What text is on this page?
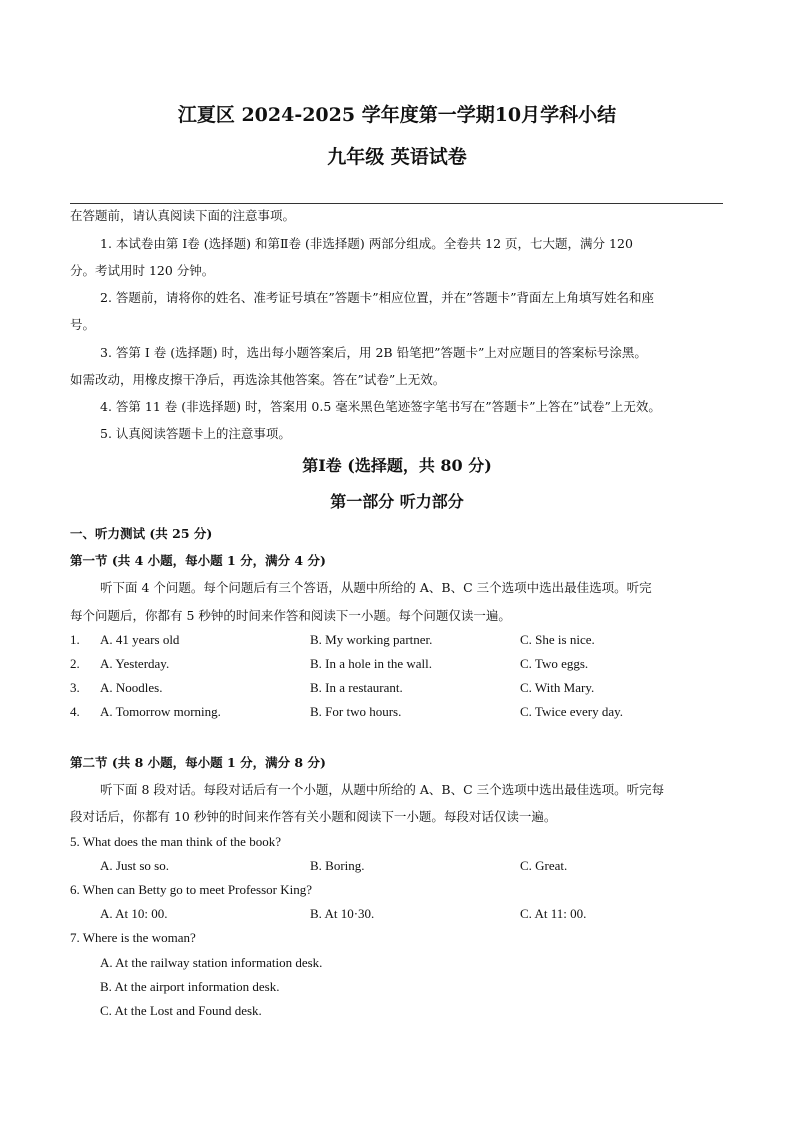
江夏区 2024-2025 学年度第一学期10月学科小结
九年级 英语试卷
在答题前，请认真阅读下面的注意事项。
1. 本试卷由第 Ⅰ卷 (选择题) 和第Ⅱ卷 (非选择题) 两部分组成。全卷共 12 页，七大题，满分 120
分。考试用时 120 分钟。
2. 答题前，请将你的姓名、准考证号填在”答题卡”相应位置，并在”答题卡”背面左上角填写姓名和座
号。
3. 答第 Ⅰ 卷 (选择题) 时，选出每小题答案后，用 2B 铅笔把”答题卡”上对应题目的答案标号涂黑。
如需改动，用橡皮擦干净后，再选涂其他答案。答在”试卷”上无效。
4. 答第 11 卷 (非选择题) 时，答案用 0.5 毫米黑色笔迹签字笔书写在”答题卡”上答在”试卷”上无效。
5. 认真阅读答题卡上的注意事项。
第Ⅰ卷 (选择题，共 80 分)
第一部分 听力部分
一、听力测试 (共 25 分)
第一节 (共 4 小题，每小题 1 分，满分 4 分)
听下面 4 个问题。每个问题后有三个答语，从题中所给的 A、B、C 三个选项中选出最佳选项。听完
每个问题后，你都有 5 秒钟的时间来作答和阅读下一小题。每个问题仅读一遍。
1. A. 41 years old	B. My working partner.	C. She is nice.
2. A. Yesterday.	B. In a hole in the wall.	C. Two eggs.
3. A. Noodles.	B. In a restaurant.	C. With Mary.
4. A. Tomorrow morning.	B. For two hours.	C. Twice every day.
第二节 (共 8 小题，每小题 1 分，满分 8 分)
听下面 8 段对话。每段对话后有一个小题，从题中所给的 A、B、C 三个选项中选出最佳选项。听完每
段对话后，你都有 10 秒钟的时间来作答有关小题和阅读下一小题。每段对话仅读一遍。
5. What does the man think of the book?
A. Just so so.	B. Boring.	C. Great.
6. When can Betty go to meet Professor King?
A. At 10: 00.	B. At 10·30.	C. At 11: 00.
7. Where is the woman?
A. At the railway station information desk.
B. At the airport information desk.
C. At the Lost and Found desk.
